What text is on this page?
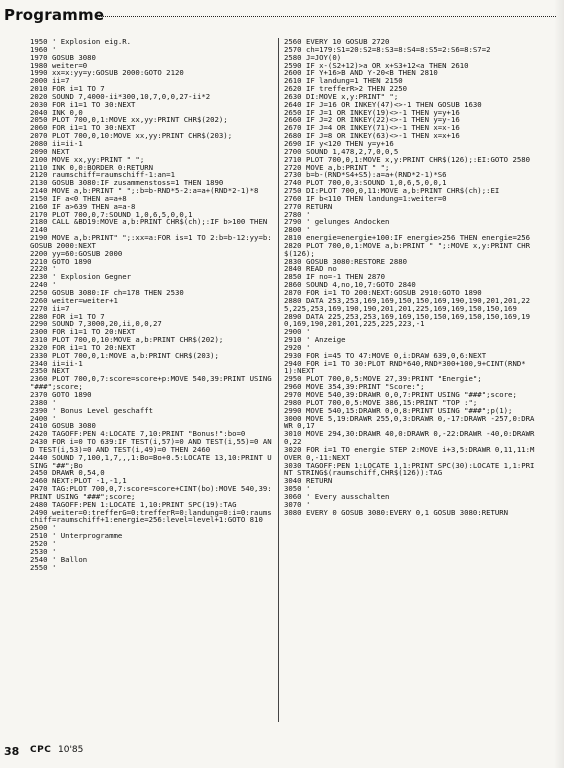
Programme
1950 ' Explosion eig.R.
1960 '
1970 GOSUB 3080
1980 weiter=0
1990 xx=x:yy=y:GOSUB 2000:GOTO 2120
2000 ii=7
2010 FOR i=1 TO 7
2020 SOUND 7,4000-ii*300,10,7,0,0,27-ii*2
2030 FOR i1=1 TO 30:NEXT
2040 INK 0,0
2050 PLOT 700,0,1:MOVE xx,yy:PRINT CHR$(202);
2060 FOR i1=1 TO 30:NEXT
2070 PLOT 700,0,10:MOVE xx,yy:PRINT CHR$(203);
2080 ii=ii-1
2090 NEXT
2100 MOVE xx,yy:PRINT " ";
2110 INK 0,0:BORDER 0:RETURN
2120 raumschiff=raumschiff-1:an=1
2130 GOSUB 3080:IF zusammenstoss=1 THEN 1890
2140 MOVE a,b:PRINT " ";:b=b-RND*5-2:a=a+(RND*2-1)*8
2150 IF a<0 THEN a=a+8
2160 IF a>639 THEN a=a-8
2170 PLOT 700,0,7:SOUND 1,0,6,5,0,0,1
2180 CALL &BD19:MOVE a,b:PRINT CHR$(ch);:IF b>100 THEN 2140
2190 MOVE a,b:PRINT" ";:xx=a:FOR is=1 TO 2:b=b-12:yy=b:GOSUB 2000:NEXT
2200 yy=60:GOSUB 2000
2210 GOTO 1890
2220 '
2230 ' Explosion Gegner
2240 '
2250 GOSUB 3080:IF ch=178 THEN 2530
2260 weiter=weiter+1
2270 ii=7
2280 FOR i=1 TO 7
2290 SOUND 7,3000,20,ii,0,0,27
2300 FOR i1=1 TO 20:NEXT
2310 PLOT 700,0,10:MOVE a,b:PRINT CHR$(202);
2320 FOR i1=1 TO 20:NEXT
2330 PLOT 700,0,1:MOVE a,b:PRINT CHR$(203);
2340 ii=ii-1
2350 NEXT
2360 PLOT 700,0,7:score=score+p:MOVE 540,39:PRINT USING "###";score;
2370 GOTO 1890
2380 '
2390 ' Bonus Level geschafft
2400 '
2410 GOSUB 3080
2420 TAGOFF:PEN 4:LOCATE 7,10:PRINT "Bonus!":bo=0
2430 FOR i=0 TO 639:IF TEST(i,57)=0 AND TEST(i,55)=0 AND TEST(i,53)=0 AND TEST(i,49)=0 THEN 2460
2440 SOUND 7,100,1,7,,,1:Bo=Bo+0.5:LOCATE 13,10:PRINT USING "##";Bo
2450 DRAWR 0,54,0
2460 NEXT:PLOT -1,-1,1
2470 TAG:PLOT 700,0,7:score=score+CINT(bo):MOVE 540,39:PRINT USING "###";score;
2480 TAGOFF:PEN 1:LOCATE 1,10:PRINT SPC(19):TAG
2490 weiter=0:trefferG=0:trefferR=0:landung=0:i=0:raumschiff=raumschiff+1:energie=256:level=level+1:GOTO 810
2500 '
2510 ' Unterprogramme
2520 '
2530 '
2540 ' Ballon
2550 '
2560 EVERY 10 GOSUB 2720
2570 ch=179:S1=20:S2=8:S3=8:S4=8:S5=2:S6=8:S7=2
2580 J=JOY(0)
2590 IF x-(S2+12)>a OR x+S3+12<a THEN 2610
2600 IF Y+16>B AND Y-20<B THEN 2810
2610 IF landung=1 THEN 2150
2620 IF trefferR>2 THEN 2250
2630 DI:MOVE x,y:PRINT" ";
2640 IF J=16 OR INKEY(47)<>-1 THEN GOSUB 1630
2650 IF J=1 OR INKEY(19)<>-1 THEN y=y+16
2660 IF J=2 OR INKEY(22)<>-1 THEN y=y-16
2670 IF J=4 OR INKEY(71)<>-1 THEN x=x-16
2680 IF J=8 OR INKEY(63)<>-1 THEN x=x+16
2690 IF y<120 THEN y=y+16
2700 SOUND 1,478,2,7,0,0,5
2710 PLOT 700,0,1:MOVE x,y:PRINT CHR$(126);:EI:GOTO 2580
2720 MOVE a,b:PRINT " ";
2730 b=b-(RND*S4+S5):a=a+(RND*2-1)*S6
2740 PLOT 700,0,3:SOUND 1,0,6,5,0,0,1
2750 DI:PLOT 700,0,11:MOVE a,b:PRINT CHR$(ch);:EI
2760 IF b<110 THEN landung=1:weiter=0
2770 RETURN
2780 '
2790 ' gelunges Andocken
2800 '
2810 energie=energie+100:IF energie>256 THEN energie=256
2820 PLOT 700,0,1:MOVE a,b:PRINT " ";:MOVE x,y:PRINT CHR$(126);
2830 GOSUB 3080:RESTORE 2880
2840 READ no
2850 IF no=-1 THEN 2870
2860 SOUND 4,no,10,7:GOTO 2840
2870 FOR i=1 TO 200:NEXT:GOSUB 2910:GOTO 1890
2880 DATA 253,253,169,169,150,150,169,190,190,201,201,225,225,253,169,190,190,201,201,225,169,169,150,150,169
2890 DATA 225,253,253,169,169,150,150,169,150,150,169,190,169,190,201,201,225,225,223,-1
2900 '
2910 ' Anzeige
2920 '
2930 FOR i=45 TO 47:MOVE 0,i:DRAW 639,0,6:NEXT
2940 FOR i=1 TO 30:PLOT RND*640,RND*300+100,9+CINT(RND*1):NEXT
2950 PLOT 700,0,5:MOVE 27,39:PRINT "Energie";
2960 MOVE 354,39:PRINT "Score:";
2970 MOVE 540,39:DRAWR 0,0,7:PRINT USING "###";score;
2980 PLOT 700,0,5:MOVE 386,15:PRINT "TOP :";
2990 MOVE 540,15:DRAWR 0,0,8:PRINT USING "###";p(1);
3000 MOVE 5,19:DRAWR 255,0,3:DRAWR 0,-17:DRAWR -257,0:DRAWR 0,17
3010 MOVE 294,30:DRAWR 40,0:DRAWR 0,-22:DRAWR -40,0:DRAWR 0,22
3020 FOR i=1 TO energie STEP 2:MOVE i+3,5:DRAWR 0,11,11:MOVER 0,-11:NEXT
3030 TAGOFF:PEN 1:LOCATE 1,1:PRINT SPC(30):LOCATE 1,1:PRINT STRING$(raumschiff,CHR$(126)):TAG
3040 RETURN
3050 '
3060 ' Every ausschalten
3070 '
3080 EVERY 0 GOSUB 3080:EVERY 0,1 GOSUB 3080:RETURN
38 CPC 10'85
